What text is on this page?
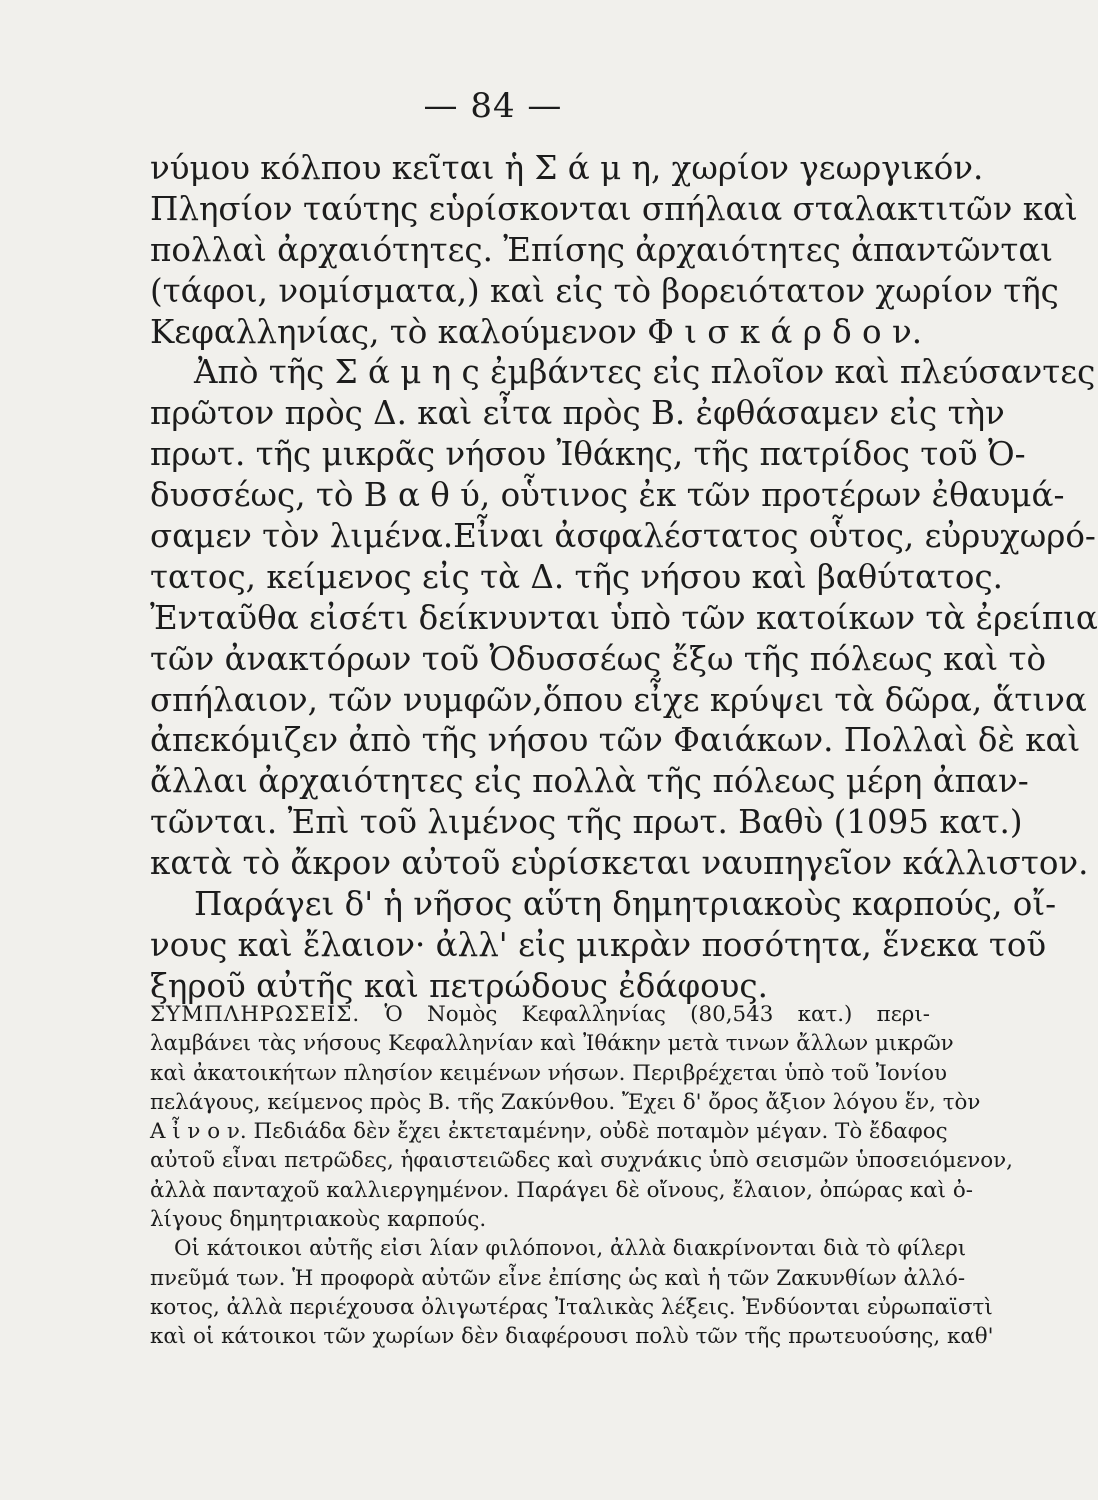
— 84 —
νύμου κόλπου κεῖται ἡ Σ ά μ η, χωρίον γεωργικόν.
Πλησίον ταύτης εὑρίσκονται σπήλαια σταλακτιτῶν καὶ
πολλαὶ ἀρχαιότητες. Ἐπίσης ἀρχαιότητες ἀπαντῶνται
(τάφοι, νομίσματα,) καὶ εἰς τὸ βορειότατον χωρίον τῆς
Κεφαλληνίας, τὸ καλούμενον Φ ι σ κ ά ρ δ ο ν.
Ἀπὸ τῆς Σ ά μ η ς ἐμβάντες εἰς πλοῖον καὶ πλεύσαντες
πρῶτον πρὸς Δ. καὶ εἶτα πρὸς Β. ἐφθάσαμεν εἰς τὴν
πρωτ. τῆς μικρᾶς νήσου Ἰθάκης, τῆς πατρίδος τοῦ Ὀ-
δυσσέως, τὸ Β α θ ύ, οὗτινος ἐκ τῶν προτέρων ἐθαυμά-
σαμεν τὸν λιμένα.Εἶναι ἀσφαλέστατος οὗτος, εὐρυχωρό-
τατος, κείμενος εἰς τὰ Δ. τῆς νήσου καὶ βαθύτατος.
Ἐνταῦθα εἰσέτι δείκνυνται ὑπὸ τῶν κατοίκων τὰ ἐρείπια
τῶν ἀνακτόρων τοῦ Ὀδυσσέως ἔξω τῆς πόλεως καὶ τὸ
σπήλαιον, τῶν νυμφῶν,ὅπου εἶχε κρύψει τὰ δῶρα, ἅτινα
ἀπεκόμιζεν ἀπὸ τῆς νήσου τῶν Φαιάκων. Πολλαὶ δὲ καὶ
ἄλλαι ἀρχαιότητες εἰς πολλὰ τῆς πόλεως μέρη ἀπαν-
τῶνται. Ἐπὶ τοῦ λιμένος τῆς πρωτ. Βαθὺ (1095 κατ.)
κατὰ τὸ ἄκρον αὐτοῦ εὑρίσκεται ναυπηγεῖον κάλλιστον.
Παράγει δ' ἡ νῆσος αὕτη δημητριακοὺς καρπούς, οἴ-
νους καὶ ἔλαιον· ἀλλ' εἰς μικρὰν ποσότητα, ἕνεκα τοῦ
ξηροῦ αὐτῆς καὶ πετρώδους ἐδάφους.
ΣΥΜΠΛΗΡΩΣΕΙΣ. Ὁ Νομὸς Κεφαλληνίας (80,543 κατ.) περι-
λαμβάνει τὰς νήσους Κεφαλληνίαν καὶ Ἰθάκην μετὰ τινων ἄλλων μικρῶν
καὶ ἀκατοικήτων πλησίον κειμένων νήσων. Περιβρέχεται ὑπὸ τοῦ Ἰονίου
πελάγους, κείμενος πρὸς Β. τῆς Ζακύνθου. Ἔχει δ' ὄρος ἄξιον λόγου ἕν, τὸν
Α ἶ ν ο ν. Πεδιάδα δὲν ἔχει ἐκτεταμένην, οὐδὲ ποταμὸν μέγαν. Τὸ ἔδαφος
αὐτοῦ εἶναι πετρῶδες, ἡφαιστειῶδες καὶ συχνάκις ὑπὸ σεισμῶν ὑποσειόμενον,
ἀλλὰ πανταχοῦ καλλιεργημένον. Παράγει δὲ οἴνους, ἔλαιον, ὀπώρας καὶ ὀ-
λίγους δημητριακοὺς καρπούς.
Οἱ κάτοικοι αὐτῆς εἰσι λίαν φιλόπονοι, ἀλλὰ διακρίνονται διὰ τὸ φίλερι
πνεῦμά των. Ἡ προφορὰ αὐτῶν εἶνε ἐπίσης ὡς καὶ ἡ τῶν Ζακυνθίων ἀλλό-
κοτος, ἀλλὰ περιέχουσα ὀλιγωτέρας Ἰταλικὰς λέξεις. Ἐνδύονται εὐρωπαϊστὶ
καὶ οἱ κάτοικοι τῶν χωρίων δὲν διαφέρουσι πολὺ τῶν τῆς πρωτευούσης, καθ'
